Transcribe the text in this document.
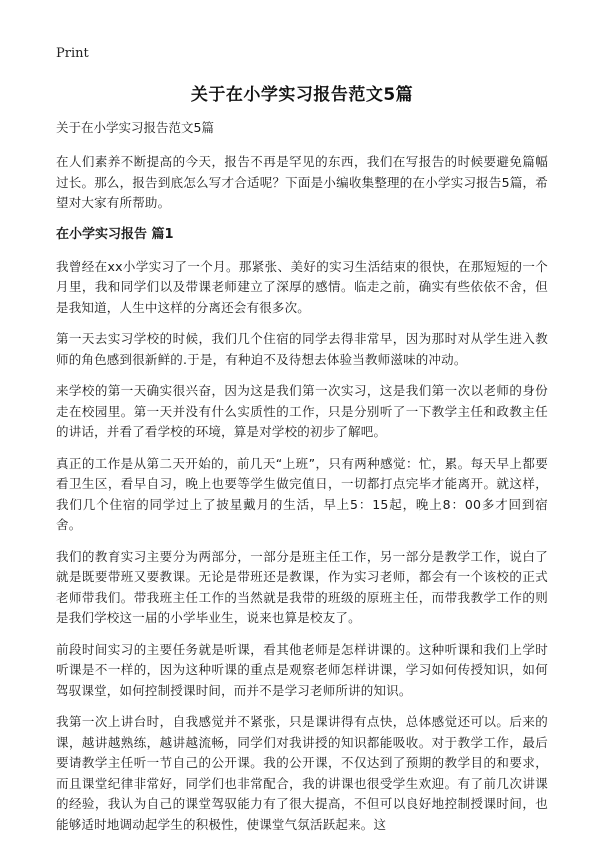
Print
关于在小学实习报告范文5篇

关于在小学实习报告范文5篇

在人们素养不断提高的今天，报告不再是罕见的东西，我们在写报告的时候要避免篇幅过长。那么，报告到底怎么写才合适呢？下面是小编收集整理的在小学实习报告5篇，希望对大家有所帮助。

在小学实习报告 篇1

我曾经在xx小学实习了一个月。那紧张、美好的实习生活结束的很快，在那短短的一个月里，我和同学们以及带课老师建立了深厚的感情。临走之前，确实有些依依不舍，但是我知道，人生中这样的分离还会有很多次。

第一天去实习学校的时候，我们几个住宿的同学去得非常早，因为那时对从学生进入教师的角色感到很新鲜的.于是，有种迫不及待想去体验当教师滋味的冲动。

来学校的第一天确实很兴奋，因为这是我们第一次实习，这是我们第一次以老师的身份走在校园里。第一天并没有什么实质性的工作，只是分别听了一下教学主任和政教主任的讲话，并看了看学校的环境，算是对学校的初步了解吧。

真正的工作是从第二天开始的，前几天“上班”，只有两种感觉：忙，累。每天早上都要看卫生区，看早自习，晚上也要等学生做完值日，一切都打点完毕才能离开。就这样，我们几个住宿的同学过上了披星戴月的生活，早上5：15起，晚上8：00多才回到宿舍。

我们的教育实习主要分为两部分，一部分是班主任工作，另一部分是教学工作，说白了就是既要带班又要教课。无论是带班还是教课，作为实习老师，都会有一个该校的正式老师带我们。带我班主任工作的当然就是我带的班级的原班主任，而带我教学工作的则是我们学校这一届的小学毕业生，说来也算是校友了。

前段时间实习的主要任务就是听课，看其他老师是怎样讲课的。这种听课和我们上学时听课是不一样的，因为这种听课的重点是观察老师怎样讲课，学习如何传授知识，如何驾驭课堂，如何控制授课时间，而并不是学习老师所讲的知识。

我第一次上讲台时，自我感觉并不紧张，只是课讲得有点快，总体感觉还可以。后来的课，越讲越熟练，越讲越流畅，同学们对我讲授的知识都能吸收。对于教学工作，最后要请教学主任听一节自己的公开课。我的公开课，不仅达到了预期的教学目的和要求，而且课堂纪律非常好，同学们也非常配合，我的讲课也很受学生欢迎。有了前几次讲课的经验，我认为自己的课堂驾驭能力有了很大提高，不但可以良好地控制授课时间，也能够适时地调动起学生的积极性，使课堂气氛活跃起来。这
